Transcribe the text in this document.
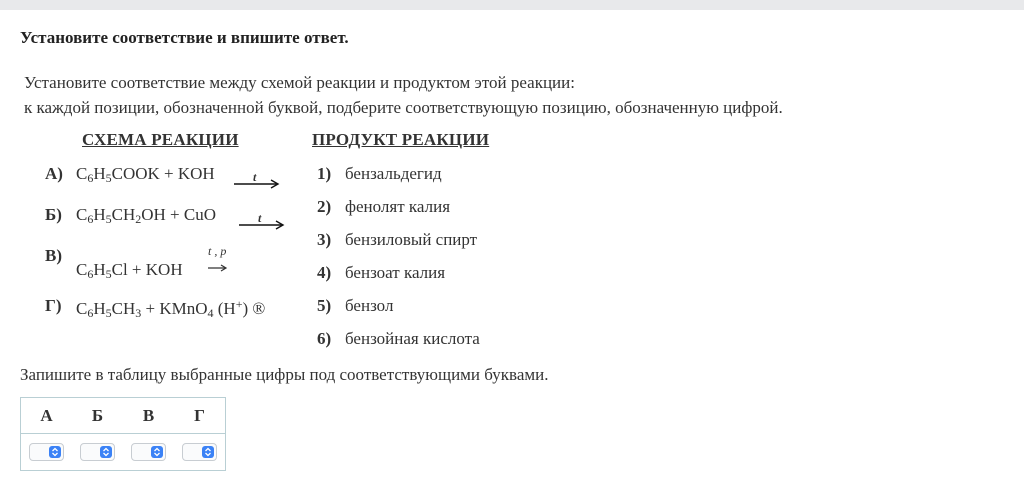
Установите соответствие и впишите ответ.
Установите соответствие между схемой реакции и продуктом этой реакции:
к каждой позиции, обозначенной буквой, подберите соответствующую позицию, обозначенную цифрой.
СХЕМА РЕАКЦИИ	ПРОДУКТ РЕАКЦИИ
А) $C_6H_5COOK$ + KOH	t
Б) $C_6H_5CH_2OH$ + CuO	t
В)
$C_6H_5Cl$ + KOH
t , p
Г) $C_6H_5CH_3$ + KMnO$_4$ (H+) ®
1) бензальдегид
2) фенолят калия
3) бензиловый спирт
4) бензоат калия
5) бензол
6) бензойная кислота
Запишите в таблицу выбранные цифры под соответствующими буквами.
А	Б	В	Г
